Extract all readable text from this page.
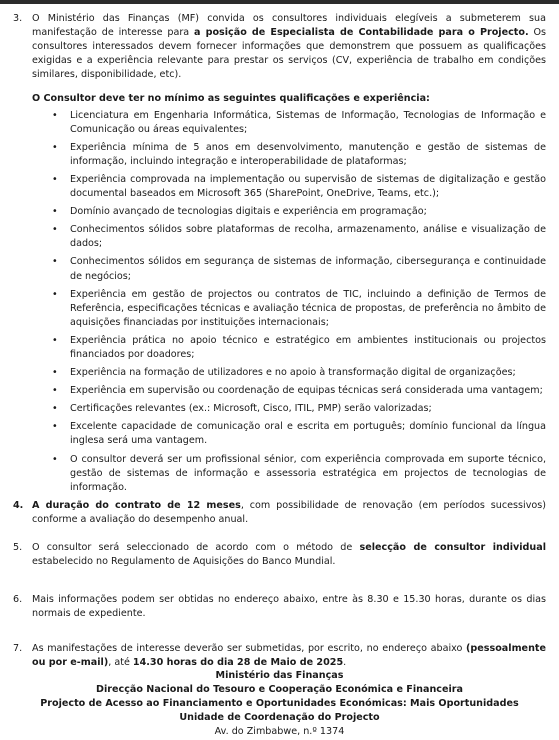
3. O Ministério das Finanças (MF) convida os consultores individuais elegíveis a submeterem sua manifestação de interesse para a posição de Especialista de Contabilidade para o Projecto. Os consultores interessados devem fornecer informações que demonstrem que possuem as qualificações exigidas e a experiência relevante para prestar os serviços (CV, experiência de trabalho em condições similares, disponibilidade, etc).

O Consultor deve ter no mínimo as seguintes qualificações e experiência:

• Licenciatura em Engenharia Informática, Sistemas de Informação, Tecnologias de Informação e Comunicação ou áreas equivalentes;
• Experiência mínima de 5 anos em desenvolvimento, manutenção e gestão de sistemas de informação, incluindo integração e interoperabilidade de plataformas;
• Experiência comprovada na implementação ou supervisão de sistemas de digitalização e gestão documental baseados em Microsoft 365 (SharePoint, OneDrive, Teams, etc.);
• Domínio avançado de tecnologias digitais e experiência em programação;
• Conhecimentos sólidos sobre plataformas de recolha, armazenamento, análise e visualização de dados;
• Conhecimentos sólidos em segurança de sistemas de informação, cibersegurança e continuidade de negócios;
• Experiência em gestão de projectos ou contratos de TIC, incluindo a definição de Termos de Referência, especificações técnicas e avaliação técnica de propostas, de preferência no âmbito de aquisições financiadas por instituições internacionais;
• Experiência prática no apoio técnico e estratégico em ambientes institucionais ou projectos financiados por doadores;
• Experiência na formação de utilizadores e no apoio à transformação digital de organizações;
• Experiência em supervisão ou coordenação de equipas técnicas será considerada uma vantagem;
• Certificações relevantes (ex.: Microsoft, Cisco, ITIL, PMP) serão valorizadas;
• Excelente capacidade de comunicação oral e escrita em português; domínio funcional da língua inglesa será uma vantagem.
• O consultor deverá ser um profissional sénior, com experiência comprovada em suporte técnico, gestão de sistemas de informação e assessoria estratégica em projectos de tecnologias de informação.
4. A duração do contrato de 12 meses, com possibilidade de renovação (em períodos sucessivos) conforme a avaliação do desempenho anual.

5. O consultor será seleccionado de acordo com o método de selecção de consultor individual estabelecido no Regulamento de Aquisições do Banco Mundial.

6. Mais informações podem ser obtidas no endereço abaixo, entre às 8.30 e 15.30 horas, durante os dias normais de expediente.

7. As manifestações de interesse deverão ser submetidas, por escrito, no endereço abaixo (pessoalmente ou por e-mail), até 14.30 horas do dia 28 de Maio de 2025.

Ministério das Finanças
Direcção Nacional do Tesouro e Cooperação Económica e Financeira
Projecto de Acesso ao Financiamento e Oportunidades Económicas: Mais Oportunidades
Unidade de Coordenação do Projecto
Av. do Zimbabwe, n.º 1374
